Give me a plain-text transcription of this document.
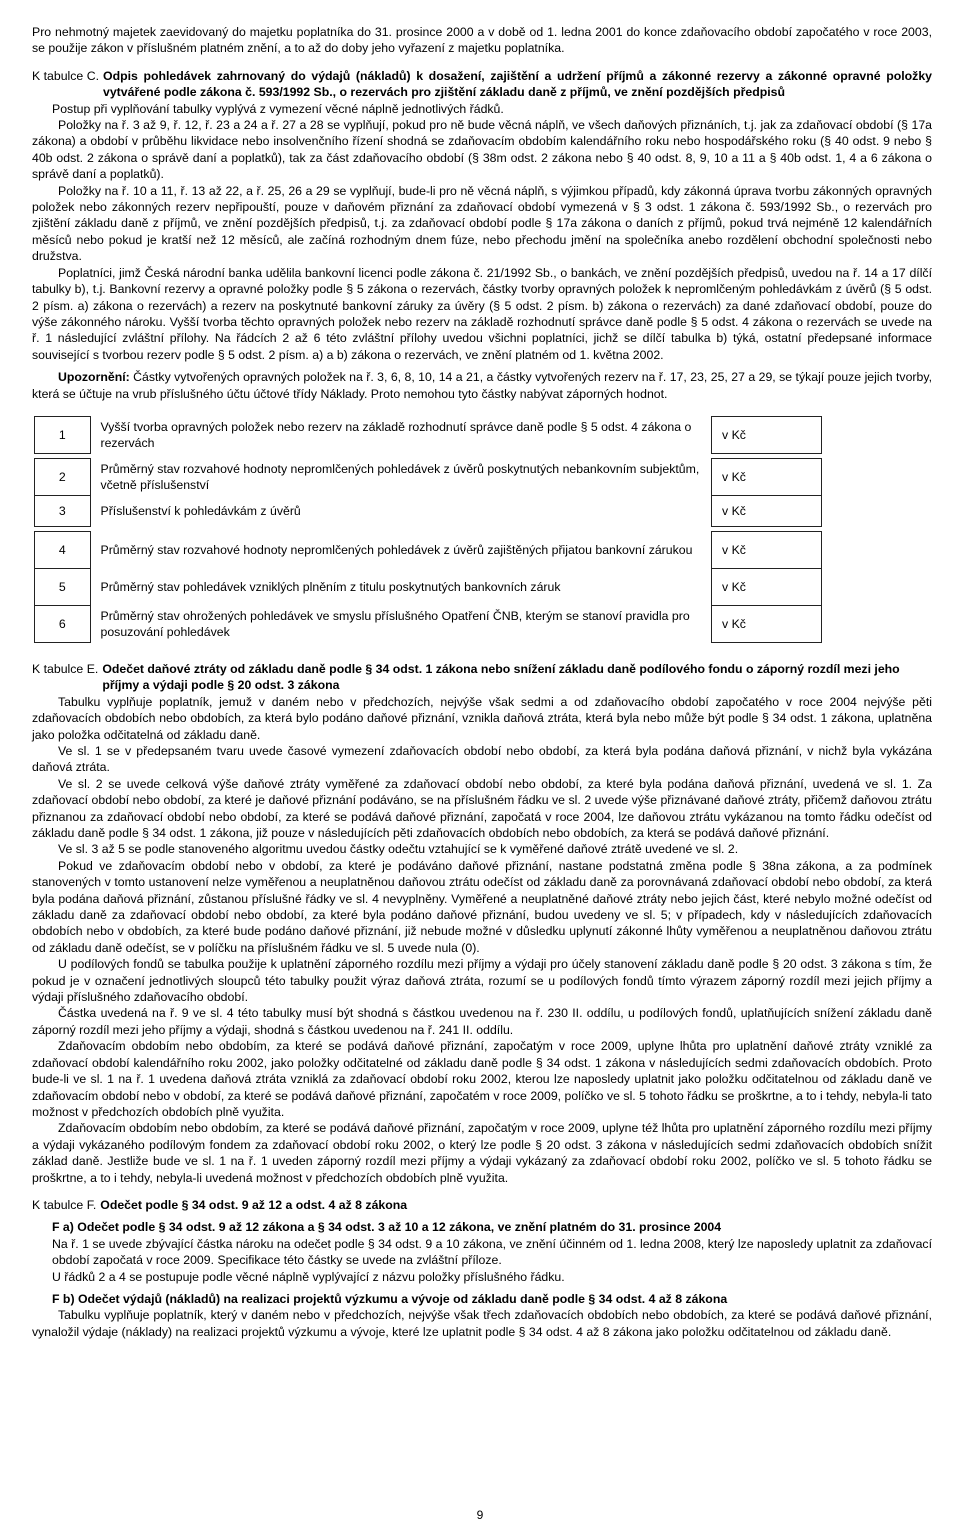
Pro nehmotný majetek zaevidovaný do majetku poplatníka do 31. prosince 2000 a v době od 1. ledna 2001 do konce zdaňovacího období započatého v roce 2003, se použije zákon v příslušném platném znění, a to až do doby jeho vyřazení z majetku poplatníka.

K tabulce C. Odpis pohledávek zahrnovaný do výdajů (nákladů) k dosažení, zajištění a udržení příjmů a zákonné rezervy a zákonné opravné položky vytvářené podle zákona č. 593/1992 Sb., o rezervách pro zjištění základu daně z příjmů, ve znění pozdějších předpisů

Postup při vyplňování tabulky vyplývá z vymezení věcné náplně jednotlivých řádků.

Položky na ř. 3 až 9, ř. 12, ř. 23 a 24 a ř. 27 a 28 se vyplňují, pokud pro ně bude věcná náplň, ve všech daňových přiznáních, t.j. jak za zdaňovací období (§ 17a zákona) a období v průběhu likvidace nebo insolvenčního řízení shodná se zdaňovacím obdobím kalendářního roku nebo hospodářského roku (§ 40 odst. 9 nebo § 40b odst. 2 zákona o správě daní a poplatků), tak za část zdaňovacího období (§ 38m odst. 2 zákona nebo § 40 odst. 8, 9, 10 a 11 a § 40b odst. 1, 4 a 6 zákona o správě daní a poplatků).

Položky na ř. 10 a 11, ř. 13 až 22, a ř. 25, 26 a 29 se vyplňují, bude-li pro ně věcná náplň, s výjimkou případů, kdy zákonná úprava tvorbu zákonných opravných položek nebo zákonných rezerv nepřipouští, pouze v daňovém přiznání za zdaňovací období vymezená v § 3 odst. 1 zákona č. 593/1992 Sb., o rezervách pro zjištění základu daně z příjmů, ve znění pozdějších předpisů, t.j. za zdaňovací období podle § 17a zákona o daních z příjmů, pokud trvá nejméně 12 kalendářních měsíců nebo pokud je kratší než 12 měsíců, ale začíná rozhodným dnem fúze, nebo přechodu jmění na společníka anebo rozdělení obchodní společnosti nebo družstva.

Poplatníci, jimž Česká národní banka udělila bankovní licenci podle zákona č. 21/1992 Sb., o bankách, ve znění pozdějších předpisů, uvedou na ř. 14 a 17 dílčí tabulky b), t.j. Bankovní rezervy a opravné položky podle § 5 zákona o rezervách, částky tvorby opravných položek k nepromlčeným pohledávkám z úvěrů (§ 5 odst. 2 písm. a) zákona o rezervách) a rezerv na poskytnuté bankovní záruky za úvěry (§ 5 odst. 2 písm. b) zákona o rezervách) za dané zdaňovací období, pouze do výše zákonného nároku. Vyšší tvorba těchto opravných položek nebo rezerv na základě rozhodnutí správce daně podle § 5 odst. 4 zákona o rezervách se uvede na ř. 1 následující zvláštní přílohy. Na řádcích 2 až 6 této zvláštní přílohy uvedou všichni poplatníci, jichž se dílčí tabulka b) týká, ostatní předepsané informace související s tvorbou rezerv podle § 5 odst. 2 písm. a) a b) zákona o rezervách, ve znění platném od 1. května 2002.

Upozornění: Částky vytvořených opravných položek na ř. 3, 6, 8, 10, 14 a 21, a částky vytvořených rezerv na ř. 17, 23, 25, 27 a 29, se týkají pouze jejich tvorby, která se účtuje na vrub příslušného účtu účtové třídy Náklady. Proto nemohou tyto částky nabývat záporných hodnot.

1	Vyšší tvorba opravných položek nebo rezerv na základě rozhodnutí správce daně podle § 5 odst. 4 zákona o rezervách	v Kč

2	Průměrný stav rozvahové hodnoty nepromlčených pohledávek z úvěrů poskytnutých nebankovním subjektům, včetně příslušenství	v Kč
3	Příslušenství k pohledávkám z úvěrů	v Kč

4	Průměrný stav rozvahové hodnoty nepromlčených pohledávek z úvěrů zajištěných přijatou bankovní zárukou	v Kč
5	Průměrný stav pohledávek vzniklých plněním z titulu poskytnutých bankovních záruk	v Kč
6	Průměrný stav ohrožených pohledávek ve smyslu příslušného Opatření ČNB, kterým se stanoví pravidla pro posuzování pohledávek	v Kč
K tabulce E. Odečet daňové ztráty od základu daně podle § 34 odst. 1 zákona nebo snížení základu daně podílového fondu o záporný rozdíl mezi jeho příjmy a výdaji podle § 20 odst. 3 zákona

Tabulku vyplňuje poplatník, jemuž v daném nebo v předchozích, nejvýše však sedmi a od zdaňovacího období započatého v roce 2004 nejvýše pěti zdaňovacích obdobích nebo obdobích, za která bylo podáno daňové přiznání, vznikla daňová ztráta, která byla nebo může být podle § 34 odst. 1 zákona, uplatněna jako položka odčitatelná od základu daně.

Ve sl. 1 se v předepsaném tvaru uvede časové vymezení zdaňovacích období nebo období, za která byla podána daňová přiznání, v nichž byla vykázána daňová ztráta.

Ve sl. 2 se uvede celková výše daňové ztráty vyměřené za zdaňovací období nebo období, za které byla podána daňová přiznání, uvedená ve sl. 1. Za zdaňovací období nebo období, za které je daňové přiznání podáváno, se na příslušném řádku ve sl. 2 uvede výše přiznávané daňové ztráty, přičemž daňovou ztrátu přiznanou za zdaňovací období nebo období, za které se podává daňové přiznání, započatá v roce 2004, lze daňovou ztrátu vykázanou na tomto řádku odečíst od základu daně podle § 34 odst. 1 zákona, již pouze v následujících pěti zdaňovacích obdobích nebo obdobích, za která se podává daňové přiznání.

Ve sl. 3 až 5 se podle stanoveného algoritmu uvedou částky odečtu vztahující se k vyměřené daňové ztrátě uvedené ve sl. 2.

Pokud ve zdaňovacím období nebo v období, za které je podáváno daňové přiznání, nastane podstatná změna podle § 38na zákona, a za podmínek stanovených v tomto ustanovení nelze vyměřenou a neuplatněnou daňovou ztrátu odečíst od základu daně za porovnávaná zdaňovací období nebo období, za která byla podána daňová přiznání, zůstanou příslušné řádky ve sl. 4 nevyplněny. Vyměřené a neuplatněné daňové ztráty nebo jejich část, které nebylo možné odečíst od základu daně za zdaňovací období nebo období, za které byla podáno daňové přiznání, budou uvedeny ve sl. 5; v případech, kdy v následujících zdaňovacích obdobích nebo v obdobích, za které bude podáno daňové přiznání, již nebude možné v důsledku uplynutí zákonné lhůty vyměřenou a neuplatněnou daňovou ztrátu od základu daně odečíst, se v políčku na příslušném řádku ve sl. 5 uvede nula (0).

U podílových fondů se tabulka použije k uplatnění záporného rozdílu mezi příjmy a výdaji pro účely stanovení základu daně podle § 20 odst. 3 zákona s tím, že pokud je v označení jednotlivých sloupců této tabulky použit výraz daňová ztráta, rozumí se u podílových fondů tímto výrazem záporný rozdíl mezi jejich příjmy a výdaji příslušného zdaňovacího období.

Částka uvedená na ř. 9 ve sl. 4 této tabulky musí být shodná s částkou uvedenou na ř. 230 II. oddílu, u podílových fondů, uplatňujících snížení základu daně záporný rozdíl mezi jeho příjmy a výdaji, shodná s částkou uvedenou na ř. 241 II. oddílu.

Zdaňovacím obdobím nebo obdobím, za které se podává daňové přiznání, započatým v roce 2009, uplyne lhůta pro uplatnění daňové ztráty vzniklé za zdaňovací období kalendářního roku 2002, jako položky odčitatelné od základu daně podle § 34 odst. 1 zákona v následujících sedmi zdaňovacích obdobích. Proto bude-li ve sl. 1 na ř. 1 uvedena daňová ztráta vzniklá za zdaňovací období roku 2002, kterou lze naposledy uplatnit jako položku odčitatelnou od základu daně ve zdaňovacím období nebo v období, za které se podává daňové přiznání, započatém v roce 2009, políčko ve sl. 5 tohoto řádku se proškrtne, a to i tehdy, nebyla-li tato možnost v předchozích obdobích plně využita.

Zdaňovacím obdobím nebo obdobím, za které se podává daňové přiznání, započatým v roce 2009, uplyne též lhůta pro uplatnění záporného rozdílu mezi příjmy a výdaji vykázaného podílovým fondem za zdaňovací období roku 2002, o který lze podle § 20 odst. 3 zákona v následujících sedmi zdaňovacích obdobích snížit základ daně. Jestliže bude ve sl. 1 na ř. 1 uveden záporný rozdíl mezi příjmy a výdaji vykázaný za zdaňovací období roku 2002, políčko ve sl. 5 tohoto řádku se proškrtne, a to i tehdy, nebyla-li uvedená možnost v předchozích obdobích plně využita.

K tabulce F. Odečet podle § 34 odst. 9 až 12 a odst. 4 až 8 zákona

F a) Odečet podle § 34 odst. 9 až 12 zákona a § 34 odst. 3 až 10 a 12 zákona, ve znění platném do 31. prosince 2004

Na ř. 1 se uvede zbývající částka nároku na odečet podle § 34 odst. 9 a 10 zákona, ve znění účinném od 1. ledna 2008, který lze naposledy uplatnit za zdaňovací období započatá v roce 2009. Specifikace této částky se uvede na zvláštní příloze.

U řádků 2 a 4 se postupuje podle věcné náplně vyplývající z názvu položky příslušného řádku.

F b) Odečet výdajů (nákladů) na realizaci projektů výzkumu a vývoje od základu daně podle § 34 odst. 4 až 8 zákona

Tabulku vyplňuje poplatník, který v daném nebo v předchozích, nejvýše však třech zdaňovacích obdobích nebo obdobích, za které se podává daňové přiznání, vynaložil výdaje (náklady) na realizaci projektů výzkumu a vývoje, které lze uplatnit podle § 34 odst. 4 až 8 zákona jako položku odčitatelnou od základu daně.

9
